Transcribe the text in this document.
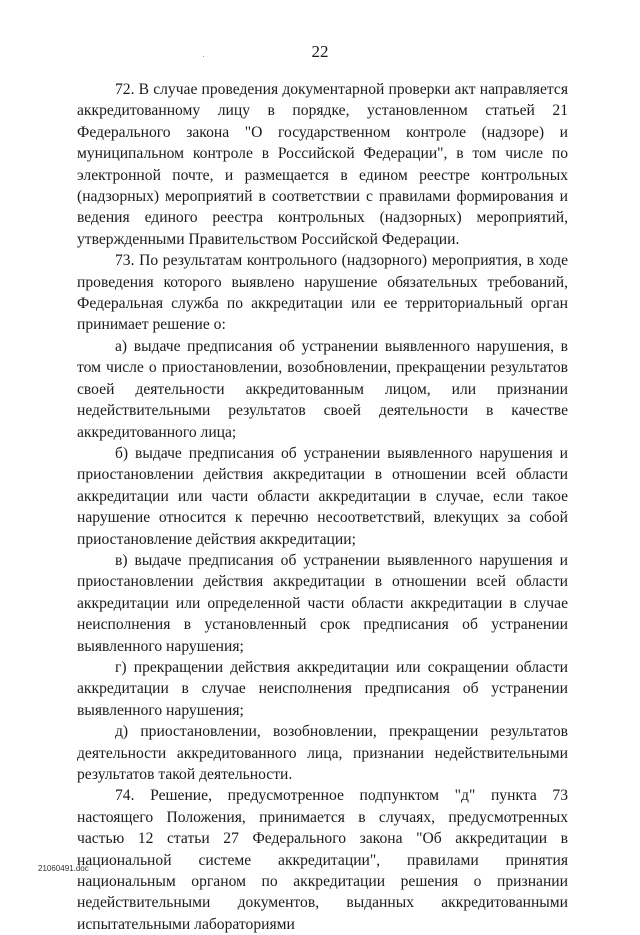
22

72. В случае проведения документарной проверки акт направляется аккредитованному лицу в порядке, установленном статьей 21 Федерального закона "О государственном контроле (надзоре) и муниципальном контроле в Российской Федерации", в том числе по электронной почте, и размещается в едином реестре контрольных (надзорных) мероприятий в соответствии с правилами формирования и ведения единого реестра контрольных (надзорных) мероприятий, утвержденными Правительством Российской Федерации.

73. По результатам контрольного (надзорного) мероприятия, в ходе проведения которого выявлено нарушение обязательных требований, Федеральная служба по аккредитации или ее территориальный орган принимает решение о:

а) выдаче предписания об устранении выявленного нарушения, в том числе о приостановлении, возобновлении, прекращении результатов своей деятельности аккредитованным лицом, или признании недействительными результатов своей деятельности в качестве аккредитованного лица;

б) выдаче предписания об устранении выявленного нарушения и приостановлении действия аккредитации в отношении всей области аккредитации или части области аккредитации в случае, если такое нарушение относится к перечню несоответствий, влекущих за собой приостановление действия аккредитации;

в) выдаче предписания об устранении выявленного нарушения и приостановлении действия аккредитации в отношении всей области аккредитации или определенной части области аккредитации в случае неисполнения в установленный срок предписания об устранении выявленного нарушения;

г) прекращении действия аккредитации или сокращении области аккредитации в случае неисполнения предписания об устранении выявленного нарушения;

д) приостановлении, возобновлении, прекращении результатов деятельности аккредитованного лица, признании недействительными результатов такой деятельности.

74. Решение, предусмотренное подпунктом "д" пункта 73 настоящего Положения, принимается в случаях, предусмотренных частью 12 статьи 27 Федерального закона "Об аккредитации в национальной системе аккредитации", правилами принятия национальным органом по аккредитации решения о признании недействительными документов, выданных аккредитованными испытательными лабораториями

21060491.doc
